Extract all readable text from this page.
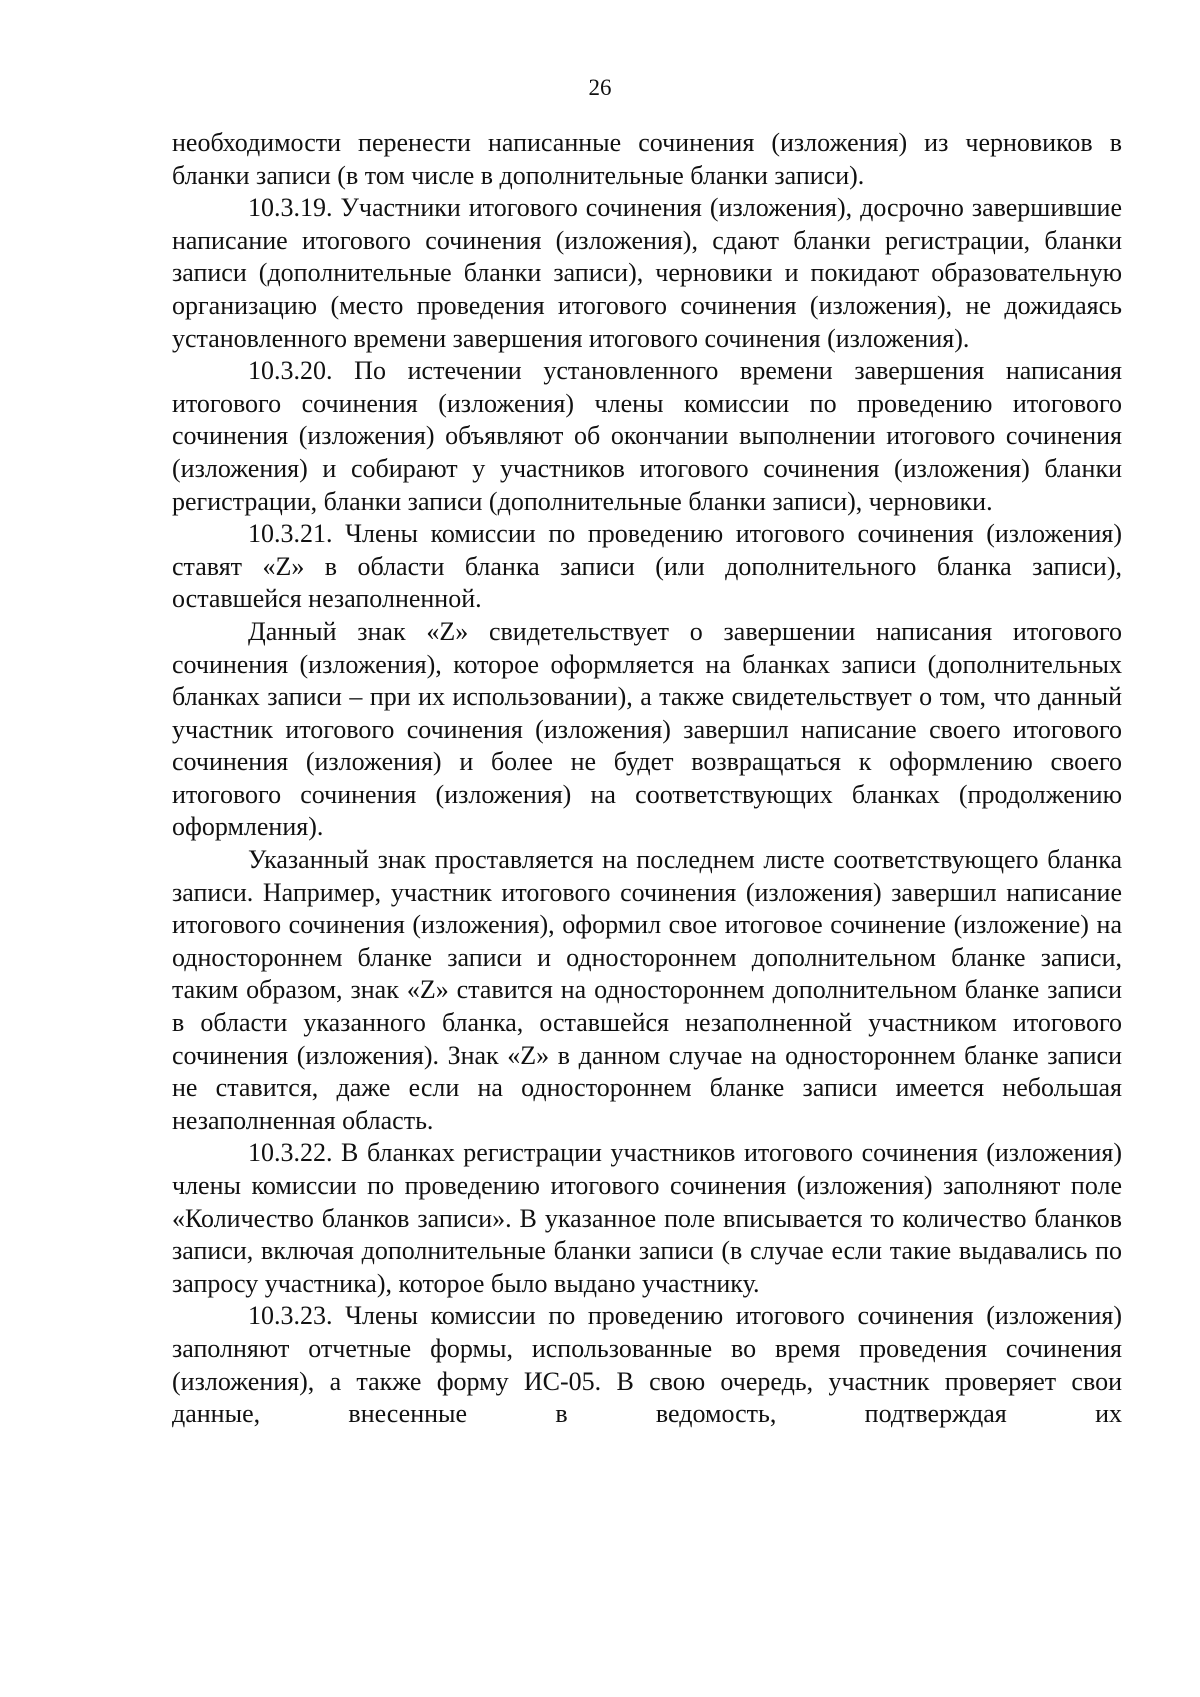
26

необходимости перенести написанные сочинения (изложения) из черновиков в бланки записи (в том числе в дополнительные бланки записи).

10.3.19. Участники итогового сочинения (изложения), досрочно завершившие написание итогового сочинения (изложения), сдают бланки регистрации, бланки записи (дополнительные бланки записи), черновики и покидают образовательную организацию (место проведения итогового сочинения (изложения), не дожидаясь установленного времени завершения итогового сочинения (изложения).

10.3.20. По истечении установленного времени завершения написания итогового сочинения (изложения) члены комиссии по проведению итогового сочинения (изложения) объявляют об окончании выполнении итогового сочинения (изложения) и собирают у участников итогового сочинения (изложения) бланки регистрации, бланки записи (дополнительные бланки записи), черновики.

10.3.21. Члены комиссии по проведению итогового сочинения (изложения) ставят «Z» в области бланка записи (или дополнительного бланка записи), оставшейся незаполненной.

Данный знак «Z» свидетельствует о завершении написания итогового сочинения (изложения), которое оформляется на бланках записи (дополнительных бланках записи – при их использовании), а также свидетельствует о том, что данный участник итогового сочинения (изложения) завершил написание своего итогового сочинения (изложения) и более не будет возвращаться к оформлению своего итогового сочинения (изложения) на соответствующих бланках (продолжению оформления).

Указанный знак проставляется на последнем листе соответствующего бланка записи. Например, участник итогового сочинения (изложения) завершил написание итогового сочинения (изложения), оформил свое итоговое сочинение (изложение) на одностороннем бланке записи и одностороннем дополнительном бланке записи, таким образом, знак «Z» ставится на одностороннем дополнительном бланке записи в области указанного бланка, оставшейся незаполненной участником итогового сочинения (изложения). Знак «Z» в данном случае на одностороннем бланке записи не ставится, даже если на одностороннем бланке записи имеется небольшая незаполненная область.

10.3.22. В бланках регистрации участников итогового сочинения (изложения) члены комиссии по проведению итогового сочинения (изложения) заполняют поле «Количество бланков записи». В указанное поле вписывается то количество бланков записи, включая дополнительные бланки записи (в случае если такие выдавались по запросу участника), которое было выдано участнику.

10.3.23. Члены комиссии по проведению итогового сочинения (изложения) заполняют отчетные формы, использованные во время проведения сочинения (изложения), а также форму ИС-05. В свою очередь, участник проверяет свои данные, внесенные в ведомость, подтверждая их
